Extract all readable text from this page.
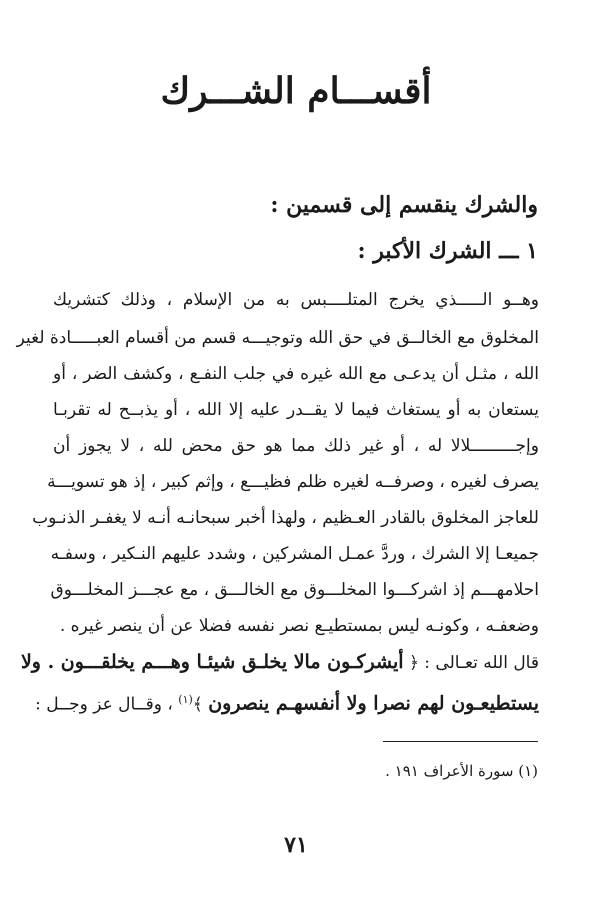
أقســـام الشـــرك
والشرك ينقسم إلى قسمين :
١ ـــ الشرك الأكبر :
وهــو الـــــذي يخرج المتلــــبس به من الإسلام ، وذلك كتشريك
المخلوق مع الخالــق في حق الله وتوجيـــه قسم من أقسام العبـــــادة لغير
الله ، مثـل أن يدعـى مع الله غيره في جلب النفـع ، وكشف الضر ، أو
يستعان به أو يستغاث فيما لا يقــدر عليه إلا الله ، أو يذبــح له تقربـا
وإجـــــــــلالا له ، أو غير ذلك مما هو حق محض لله ، لا يجوز أن
يصرف لغيره ، وصرفــه لغيره ظلم فظيـــع ، وإثم كبير ، إذ هو تسويـــة
للعاجز المخلوق بالقادر العـظيم ، ولهذا أخبر سبحانـه أنـه لا يغفـر الذنـوب
جميعـا إلا الشرك ، وردَّ عمـل المشركين ، وشدد عليهم النـكير ، وسفـه
احلامهـــم إذ اشركـــوا المخلـــوق مع الخالـــق ، مع عجـــز المخلـــوق
وضعفـه ، وكونـه ليس بمستطيـع نصر نفسه فضلا عن أن ينصر غيره .
قال الله تعـالى : ﴿ أيشركـون مالا يخلـق شيئـا وهـــم يخلقـــون . ولا
يستطيعـون لهم نصرا ولا أنفسهـم ينصرون ﴾$^{(١)}$ ، وقــال عز وجــل :
(١) سورة الأعراف ١٩١ .
٧١
